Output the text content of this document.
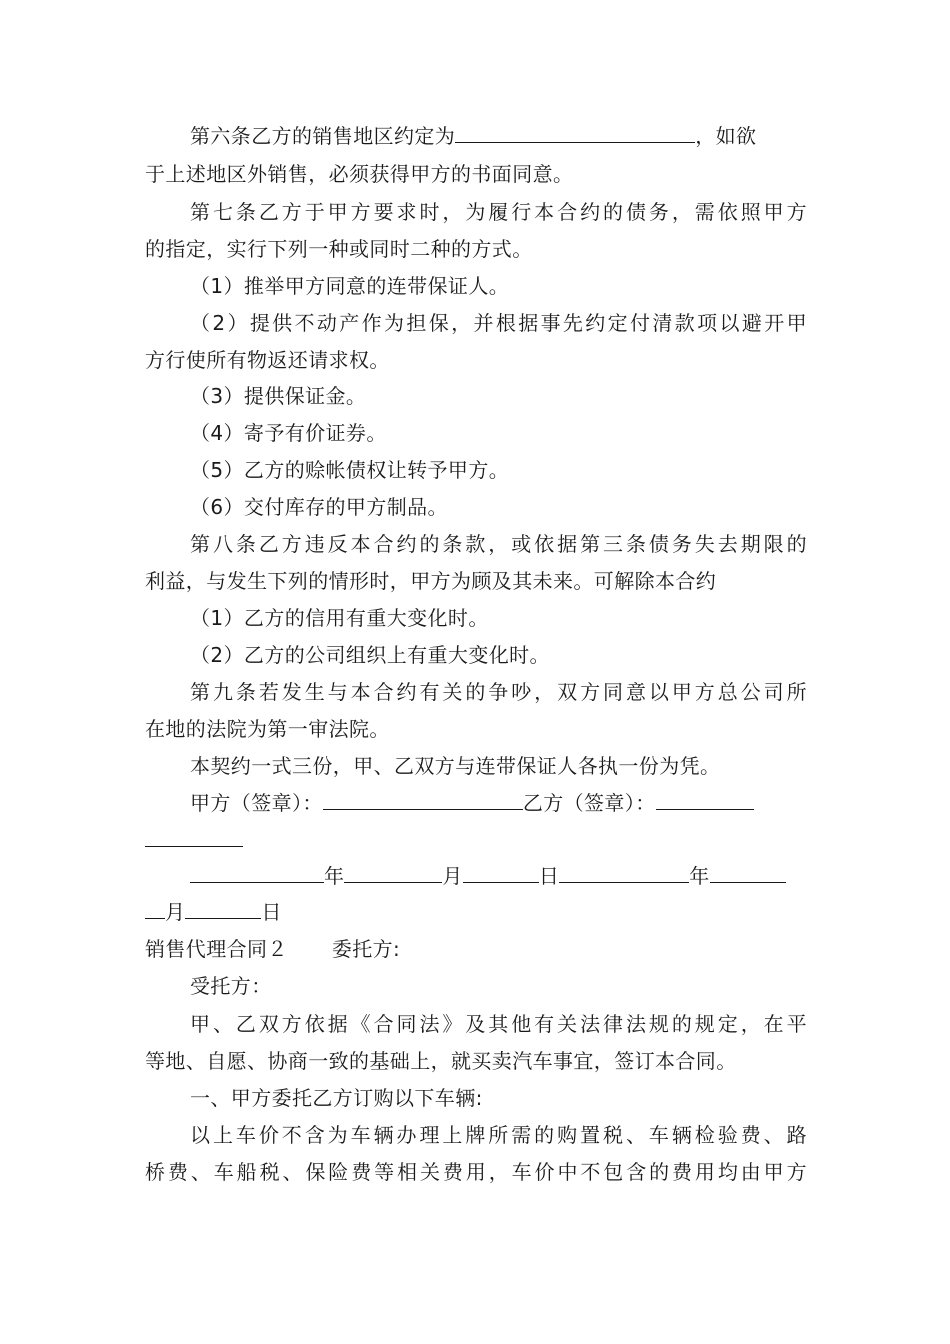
第六条乙方的销售地区约定为	，如欲
于上述地区外销售，必须获得甲方的书面同意。
第七条乙方于甲方要求时，为履行本合约的债务，需依照甲方
的指定，实行下列一种或同时二种的方式。
（1）推举甲方同意的连带保证人。
（2）提供不动产作为担保，并根据事先约定付清款项以避开甲
方行使所有物返还请求权。
（3）提供保证金。
（4）寄予有价证券。
（5）乙方的赊帐债权让转予甲方。
（6）交付库存的甲方制品。
第八条乙方违反本合约的条款，或依据第三条债务失去期限的
利益，与发生下列的情形时，甲方为顾及其未来。可解除本合约
（1）乙方的信用有重大变化时。
（2）乙方的公司组织上有重大变化时。
第九条若发生与本合约有关的争吵，双方同意以甲方总公司所
在地的法院为第一审法院。
本契约一式三份，甲、乙双方与连带保证人各执一份为凭。
甲方（签章）：	乙方（签章）：
年	月	日	年
月	日
销售代理合同２ 委托方:
受托方：
甲、乙双方依据《合同法》及其他有关法律法规的规定，在平
等地、自愿、协商一致的基础上，就买卖汽车事宜，签订本合同。
一、甲方委托乙方订购以下车辆:
以上车价不含为车辆办理上牌所需的购置税、车辆检验费、路
桥费、车船税、保险费等相关费用，车价中不包含的费用均由甲方
